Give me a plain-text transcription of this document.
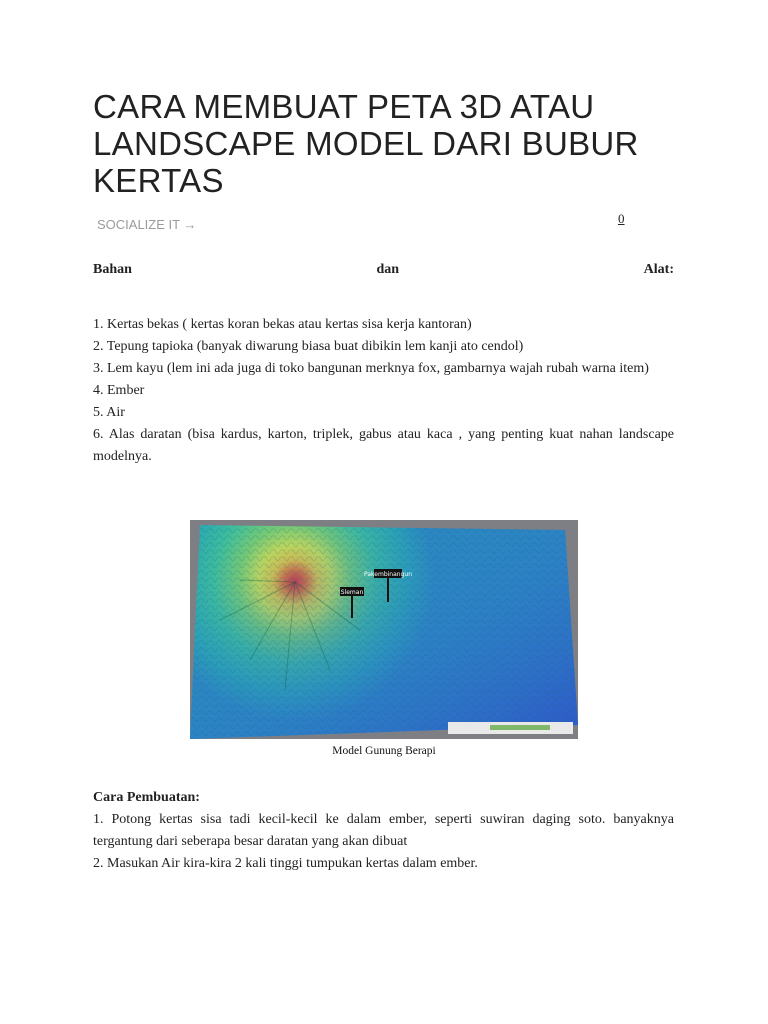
CARA MEMBUAT PETA 3D ATAU LANDSCAPE MODEL DARI BUBUR KERTAS
SOCIALIZE IT →	0
Bahan	dan	Alat:

1. Kertas bekas ( kertas koran bekas atau kertas sisa kerja kantoran)

2. Tepung tapioka (banyak diwarung biasa buat dibikin lem kanji ato cendol)

3. Lem kayu (lem ini ada juga di toko bangunan merknya fox, gambarnya wajah rubah warna item)

4. Ember

5. Air

6. Alas daratan (bisa kardus, karton, triplek, gabus atau kaca , yang penting kuat nahan landscape modelnya.

Pakembinangun
Sleman
Model Gunung Berapi

Cara Pembuatan:

1. Potong kertas sisa tadi kecil-kecil ke dalam ember, seperti suwiran daging soto. banyaknya tergantung dari seberapa besar daratan yang akan dibuat

2. Masukan Air kira-kira 2 kali tinggi tumpukan kertas dalam ember.
